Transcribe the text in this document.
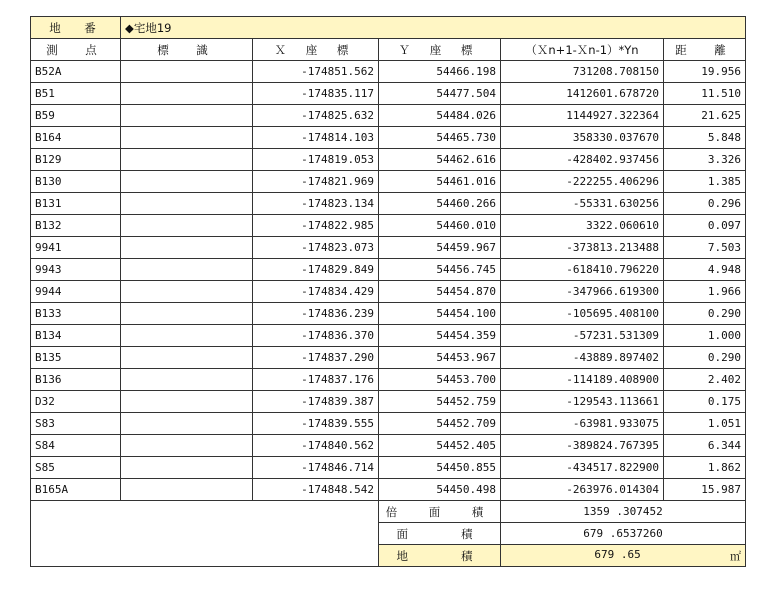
地　番	◆宅地19				
測　点	標　識	Ｘ 座 標	Ｙ 座 標	（Ｘn+1-Ｘn-1）*Yn	距　離
B52A		-174851.562	54466.198	731208.708150	19.956
B51		-174835.117	54477.504	1412601.678720	11.510
B59		-174825.632	54484.026	1144927.322364	21.625
B164		-174814.103	54465.730	358330.037670	5.848
B129		-174819.053	54462.616	-428402.937456	3.326
B130		-174821.969	54461.016	-222255.406296	1.385
B131		-174823.134	54460.266	-55331.630256	0.296
B132		-174822.985	54460.010	3322.060610	0.097
9941		-174823.073	54459.967	-373813.213488	7.503
9943		-174829.849	54456.745	-618410.796220	4.948
9944		-174834.429	54454.870	-347966.619300	1.966
B133		-174836.239	54454.100	-105695.408100	0.290
B134		-174836.370	54454.359	-57231.531309	1.000
B135		-174837.290	54453.967	-43889.897402	0.290
B136		-174837.176	54453.700	-114189.408900	2.402
D32		-174839.387	54452.759	-129543.113661	0.175
S83		-174839.555	54452.709	-63981.933075	1.051
S84		-174840.562	54452.405	-389824.767395	6.344
S85		-174846.714	54450.855	-434517.822900	1.862
B165A		-174848.542	54450.498	-263976.014304	15.987
			倍　面　積	1359 .307452	
			面　　積	679 .6537260	
			地　　積	679 .65 ㎡	
